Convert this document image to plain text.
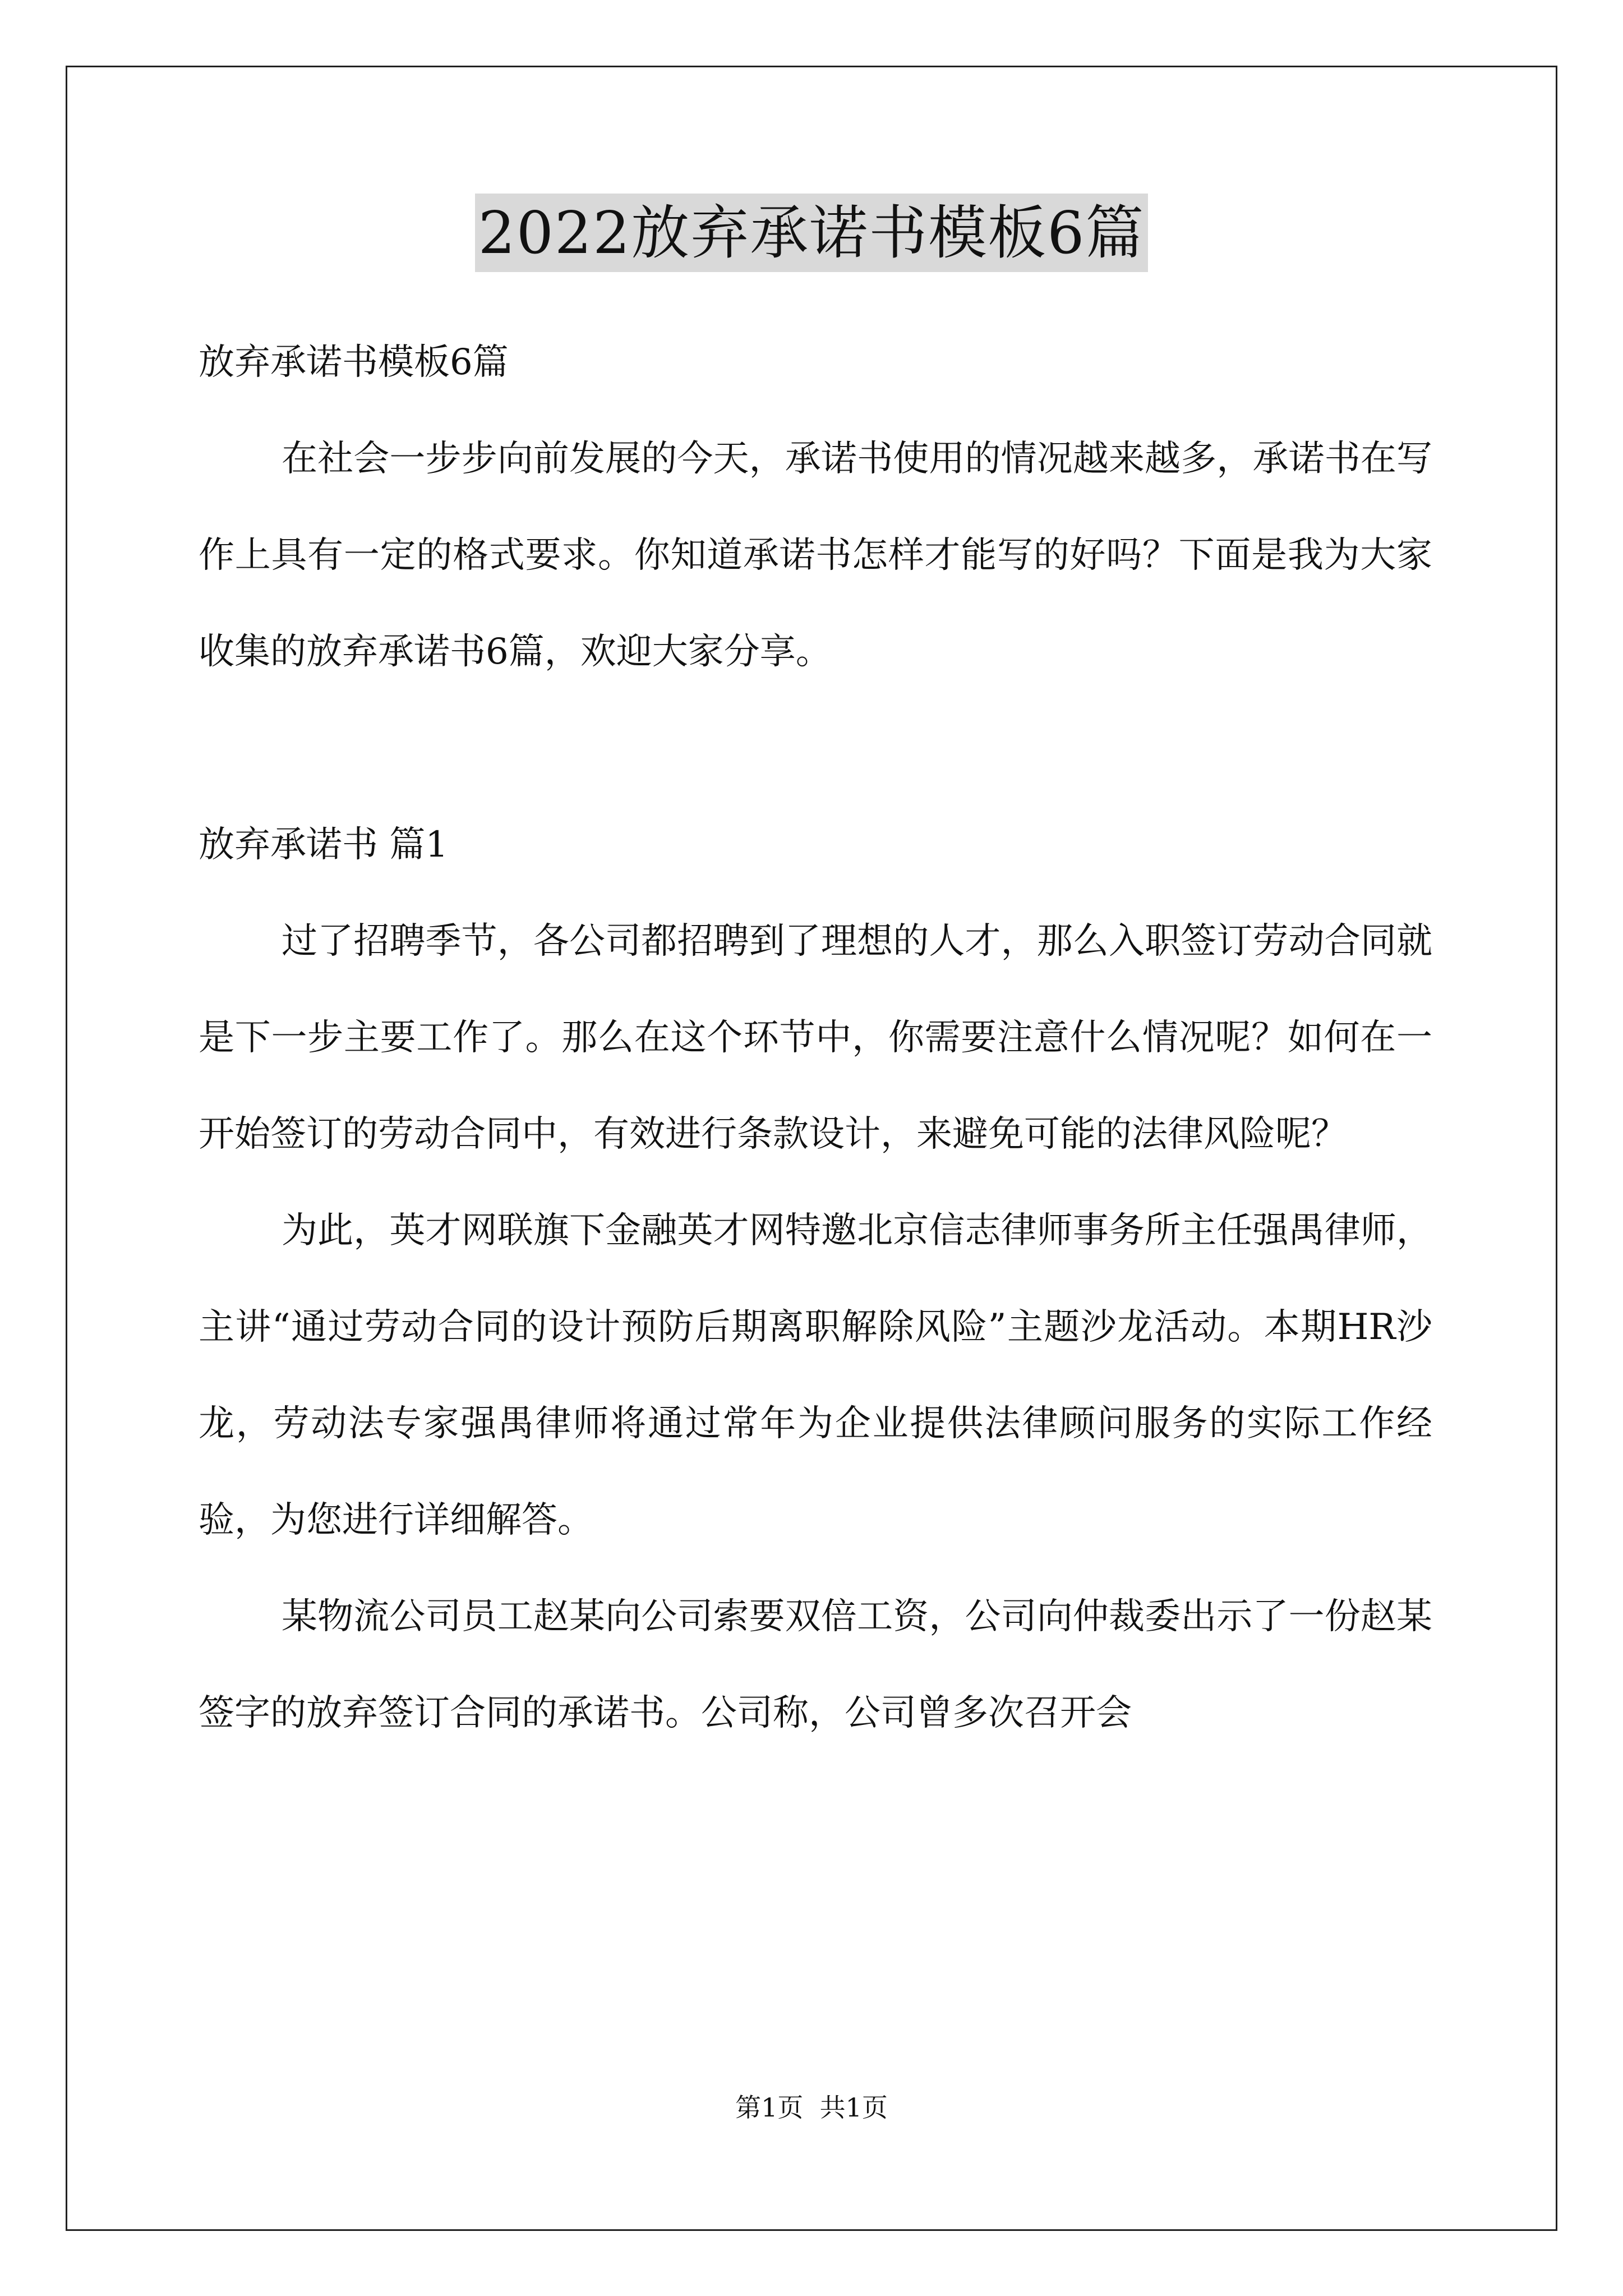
2022放弃承诺书模板6篇

放弃承诺书模板6篇

在社会一步步向前发展的今天，承诺书使用的情况越来越多，承诺书在写作上具有一定的格式要求。你知道承诺书怎样才能写的好吗？下面是我为大家收集的放弃承诺书6篇，欢迎大家分享。

放弃承诺书 篇1

过了招聘季节，各公司都招聘到了理想的人才，那么入职签订劳动合同就是下一步主要工作了。那么在这个环节中，你需要注意什么情况呢？如何在一开始签订的劳动合同中，有效进行条款设计，来避免可能的法律风险呢？

为此，英才网联旗下金融英才网特邀北京信志律师事务所主任强禺律师，主讲“通过劳动合同的设计预防后期离职解除风险”主题沙龙活动。本期HR沙龙，劳动法专家强禺律师将通过常年为企业提供法律顾问服务的实际工作经验，为您进行详细解答。

某物流公司员工赵某向公司索要双倍工资，公司向仲裁委出示了一份赵某签字的放弃签订合同的承诺书。公司称，公司曾多次召开会

第1页  共1页
